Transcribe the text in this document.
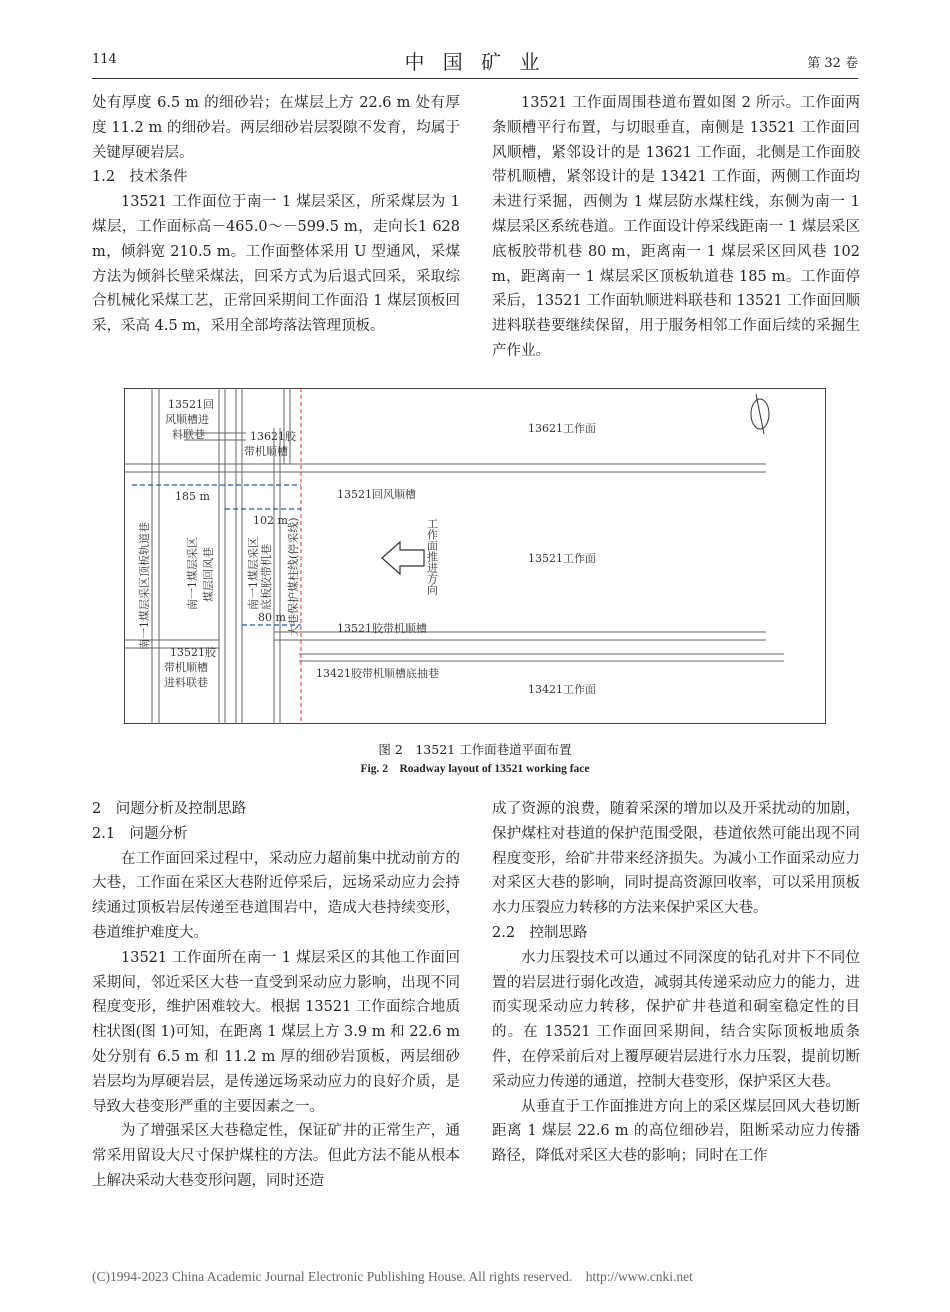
114	中 国 矿 业	第 32 卷

处有厚度 6.5 m 的细砂岩；在煤层上方 22.6 m 处有厚度 11.2 m 的细砂岩。两层细砂岩层裂隙不发育，均属于关键厚硬岩层。

1.2　技术条件

13521 工作面位于南一 1 煤层采区，所采煤层为 1 煤层，工作面标高－465.0～－599.5 m，走向长1 628 m，倾斜宽 210.5 m。工作面整体采用 U 型通风，采煤方法为倾斜长壁采煤法，回采方式为后退式回采，采取综合机械化采煤工艺，正常回采期间工作面沿 1 煤层顶板回采，采高 4.5 m，采用全部垮落法管理顶板。

13521 工作面周围巷道布置如图 2 所示。工作面两条顺槽平行布置，与切眼垂直，南侧是 13521 工作面回风顺槽，紧邻设计的是 13621 工作面，北侧是工作面胶带机顺槽，紧邻设计的是 13421 工作面，两侧工作面均未进行采掘，西侧为 1 煤层防水煤柱线，东侧为南一 1 煤层采区系统巷道。工作面设计停采线距南一 1 煤层采区底板胶带机巷 80 m，距离南一 1 煤层采区回风巷 102 m，距离南一 1 煤层采区顶板轨道巷 185 m。工作面停采后，13521 工作面轨顺进料联巷和 13521 工作面回顺进料联巷要继续保留，用于服务相邻工作面后续的采掘生产作业。

13521回 风顺槽进 料联巷	13621胶 带机顺槽
13621工作面
13521回风顺槽
185 m
102 m
80 m
南一1煤层采区顶板轨道巷	南一1煤层采区 煤层回风巷	南一1煤层采区 底板胶带机巷 大巷保护煤柱线(停采线)	工作面推进方向	13521工作面
13521胶带机顺槽
13521胶 带机顺槽 进料联巷
13421胶带机顺槽底抽巷
13421工作面
图 2　13521 工作面巷道平面布置
Fig. 2　Roadway layout of 13521 working face

2　问题分析及控制思路

2.1　问题分析

在工作面回采过程中，采动应力超前集中扰动前方的大巷，工作面在采区大巷附近停采后，远场采动应力会持续通过顶板岩层传递至巷道围岩中，造成大巷持续变形，巷道维护难度大。

13521 工作面所在南一 1 煤层采区的其他工作面回采期间，邻近采区大巷一直受到采动应力影响，出现不同程度变形，维护困难较大。根据 13521 工作面综合地质柱状图(图 1)可知，在距离 1 煤层上方 3.9 m 和 22.6 m 处分别有 6.5 m 和 11.2 m 厚的细砂岩顶板，两层细砂岩层均为厚硬岩层，是传递远场采动应力的良好介质，是导致大巷变形严重的主要因素之一。

为了增强采区大巷稳定性，保证矿井的正常生产，通常采用留设大尺寸保护煤柱的方法。但此方法不能从根本上解决采动大巷变形问题，同时还造

成了资源的浪费，随着采深的增加以及开采扰动的加剧，保护煤柱对巷道的保护范围受限，巷道依然可能出现不同程度变形，给矿井带来经济损失。为减小工作面采动应力对采区大巷的影响，同时提高资源回收率，可以采用顶板水力压裂应力转移的方法来保护采区大巷。

2.2　控制思路

水力压裂技术可以通过不同深度的钻孔对井下不同位置的岩层进行弱化改造，减弱其传递采动应力的能力，进而实现采动应力转移，保护矿井巷道和硐室稳定性的目的。在 13521 工作面回采期间，结合实际顶板地质条件，在停采前后对上覆厚硬岩层进行水力压裂，提前切断采动应力传递的通道，控制大巷变形，保护采区大巷。

从垂直于工作面推进方向上的采区煤层回风大巷切断距离 1 煤层 22.6 m 的高位细砂岩，阻断采动应力传播路径，降低对采区大巷的影响；同时在工作

(C)1994-2023 China Academic Journal Electronic Publishing House. All rights reserved.　http://www.cnki.net
